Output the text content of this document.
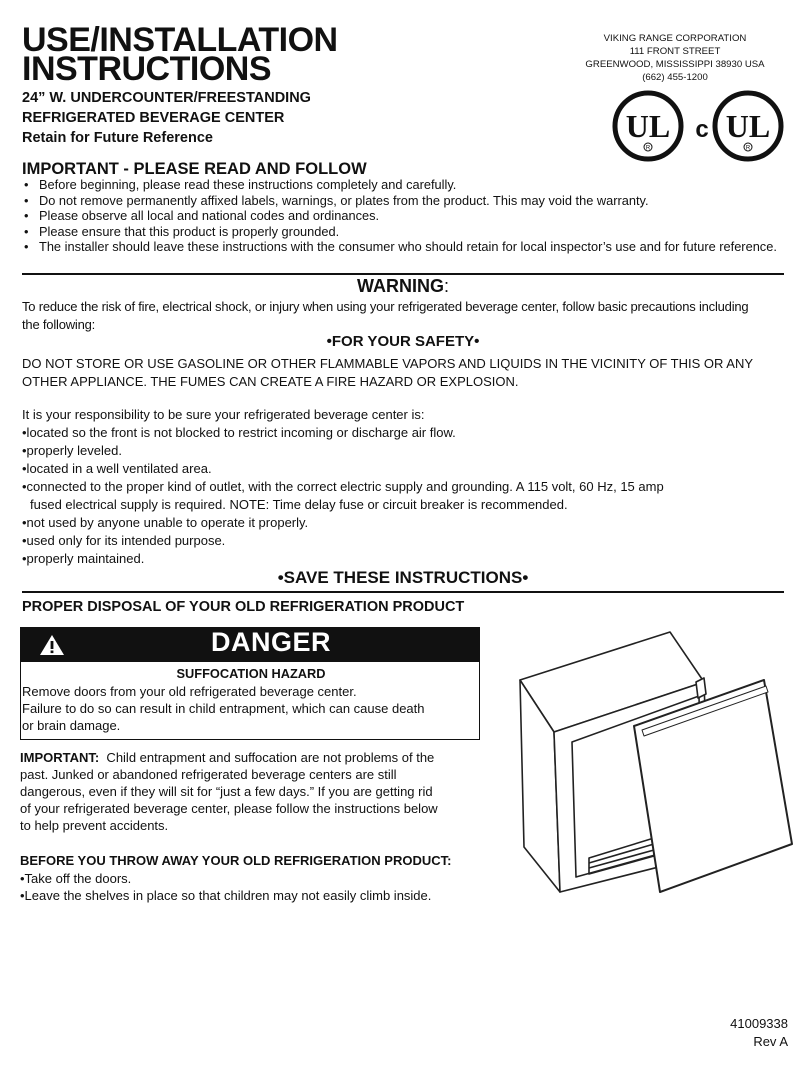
USE/INSTALLATION
INSTRUCTIONS
24” W. UNDERCOUNTER/FREESTANDING
REFRIGERATED BEVERAGE CENTER
Retain for Future Reference
VIKING RANGE CORPORATION
111 FRONT STREET
GREENWOOD, MISSISSIPPI 38930 USA
(662) 455-1200
UL
R
c UL
R
IMPORTANT - PLEASE READ AND FOLLOW
• Before beginning, please read these instructions completely and carefully.
• Do not remove permanently affixed labels, warnings, or plates from the product. This may void the warranty.
• Please observe all local and national codes and ordinances.
• Please ensure that this product is properly grounded.
• The installer should leave these instructions with the consumer who should retain for local inspector’s use and for future reference.
WARNING:
To reduce the risk of fire, electrical shock, or injury when using your refrigerated beverage center, follow basic precautions including the following:
•FOR YOUR SAFETY•
DO NOT STORE OR USE GASOLINE OR OTHER FLAMMABLE VAPORS AND LIQUIDS IN THE VICINITY OF THIS OR ANY OTHER APPLIANCE. THE FUMES CAN CREATE A FIRE HAZARD OR EXPLOSION.
It is your responsibility to be sure your refrigerated beverage center is:
•located so the front is not blocked to restrict incoming or discharge air flow.
•properly leveled.
•located in a well ventilated area.
•connected to the proper kind of outlet, with the correct electric supply and grounding. A 115 volt, 60 Hz, 15 amp
fused electrical supply is required. NOTE: Time delay fuse or circuit breaker is recommended.
•not used by anyone unable to operate it properly.
•used only for its intended purpose.
•properly maintained.
•SAVE THESE INSTRUCTIONS•
PROPER DISPOSAL OF YOUR OLD REFRIGERATION PRODUCT
DANGER
SUFFOCATION HAZARD
Remove doors from your old refrigerated beverage center.
Failure to do so can result in child entrapment, which can cause death
or brain damage.
IMPORTANT:  Child entrapment and suffocation are not problems of the
past. Junked or abandoned refrigerated beverage centers are still
dangerous, even if they will sit for “just a few days.” If you are getting rid
of your refrigerated beverage center, please follow the instructions below
to help prevent accidents.
BEFORE YOU THROW AWAY YOUR OLD REFRIGERATION PRODUCT:
•Take off the doors.
•Leave the shelves in place so that children may not easily climb inside.
41009338
Rev A
